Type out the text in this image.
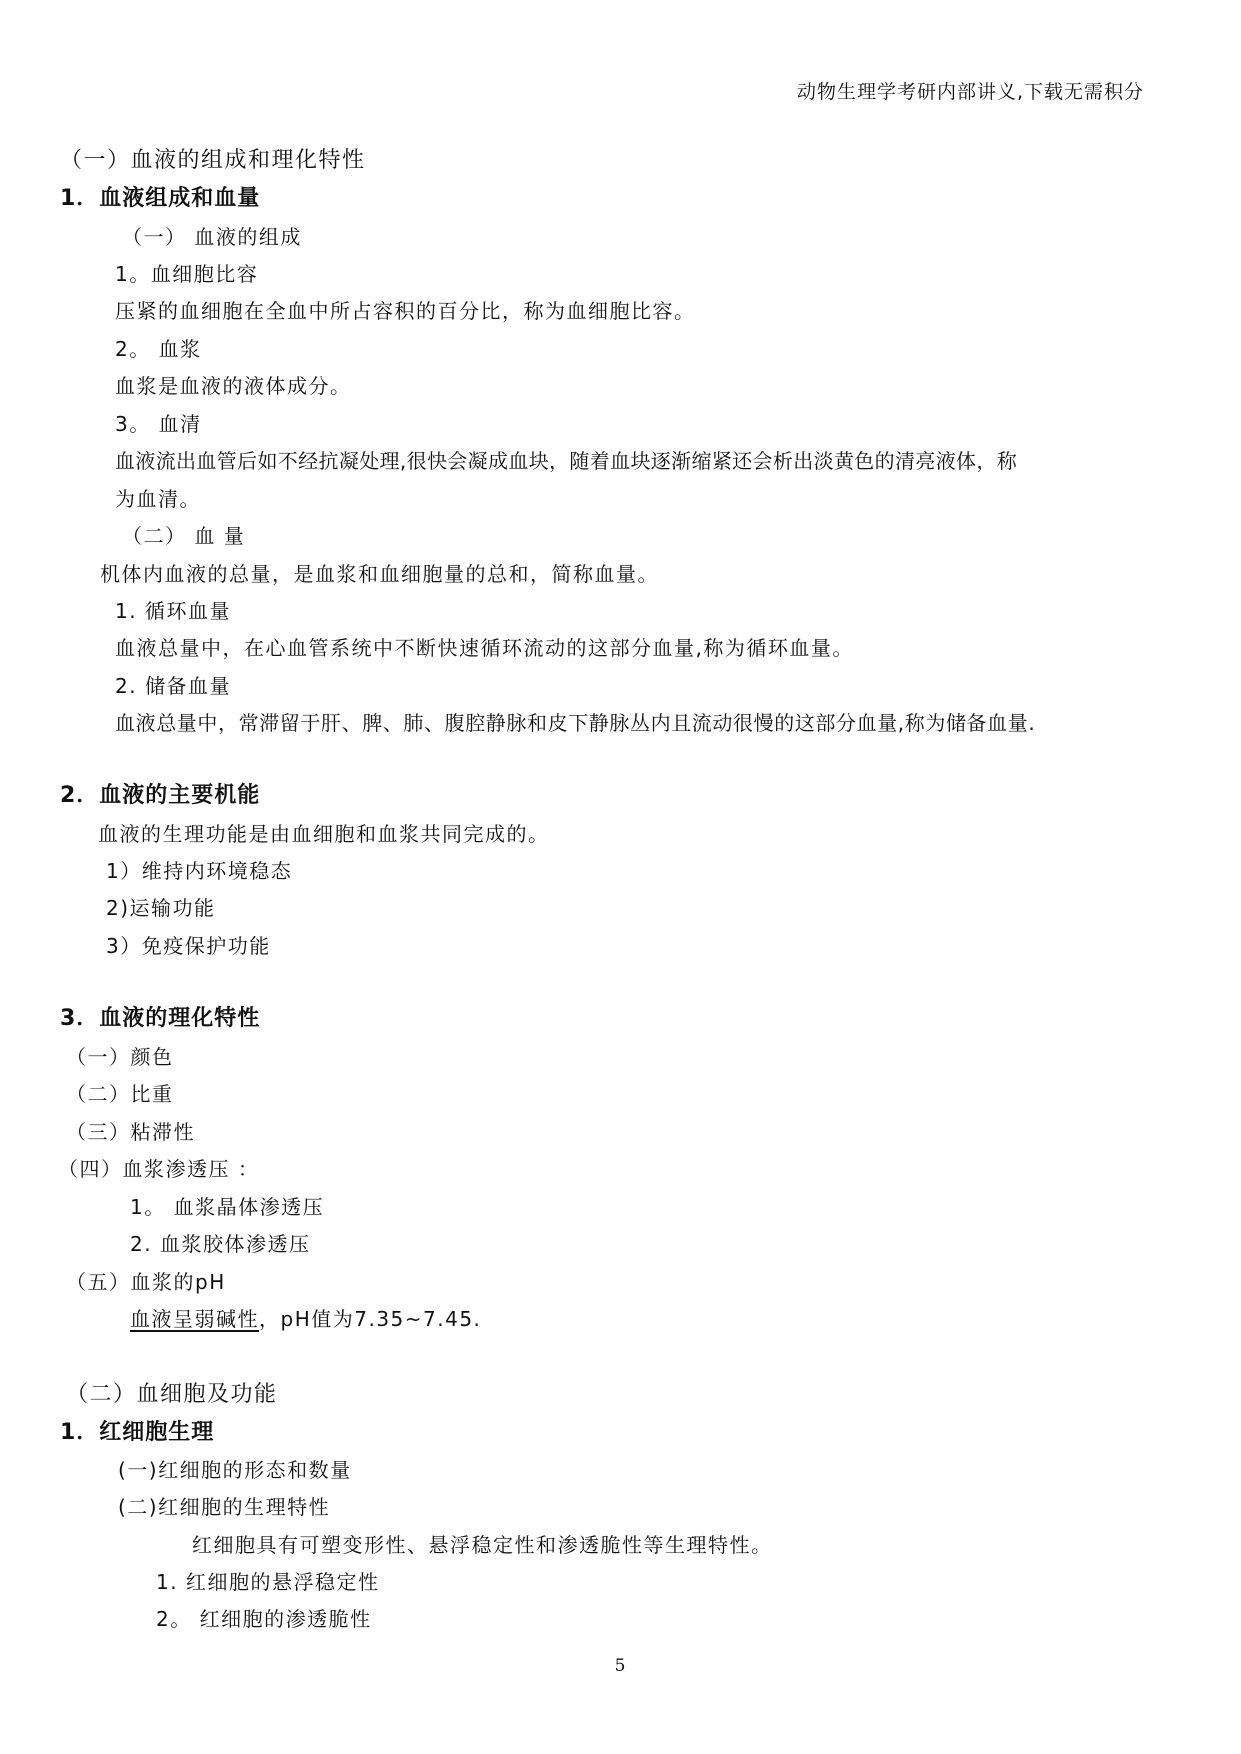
动物生理学考研内部讲义,下载无需积分
（一）血液的组成和理化特性
1．血液组成和血量
（一） 血液的组成
1。血细胞比容
压紧的血细胞在全血中所占容积的百分比，称为血细胞比容。
2。 血浆
血浆是血液的液体成分。
3。 血清
血液流出血管后如不经抗凝处理,很快会凝成血块，随着血块逐渐缩紧还会析出淡黄色的清亮液体，称
为血清。
（二） 血 量
机体内血液的总量，是血浆和血细胞量的总和，简称血量。
1. 循环血量
血液总量中，在心血管系统中不断快速循环流动的这部分血量,称为循环血量。
2. 储备血量
血液总量中，常滞留于肝、脾、肺、腹腔静脉和皮下静脉丛内且流动很慢的这部分血量,称为储备血量.
2．血液的主要机能
血液的生理功能是由血细胞和血浆共同完成的。
1）维持内环境稳态
2)运输功能
3）免疫保护功能
3．血液的理化特性
（一）颜色
（二）比重
（三）粘滞性
（四）血浆渗透压 ：
1。 血浆晶体渗透压
2. 血浆胶体渗透压
（五）血浆的pH
血液呈弱碱性，pH值为7.35~7.45.
（二）血细胞及功能
1．红细胞生理
(一)红细胞的形态和数量
(二)红细胞的生理特性
红细胞具有可塑变形性、悬浮稳定性和渗透脆性等生理特性。
1. 红细胞的悬浮稳定性
2。 红细胞的渗透脆性
5
